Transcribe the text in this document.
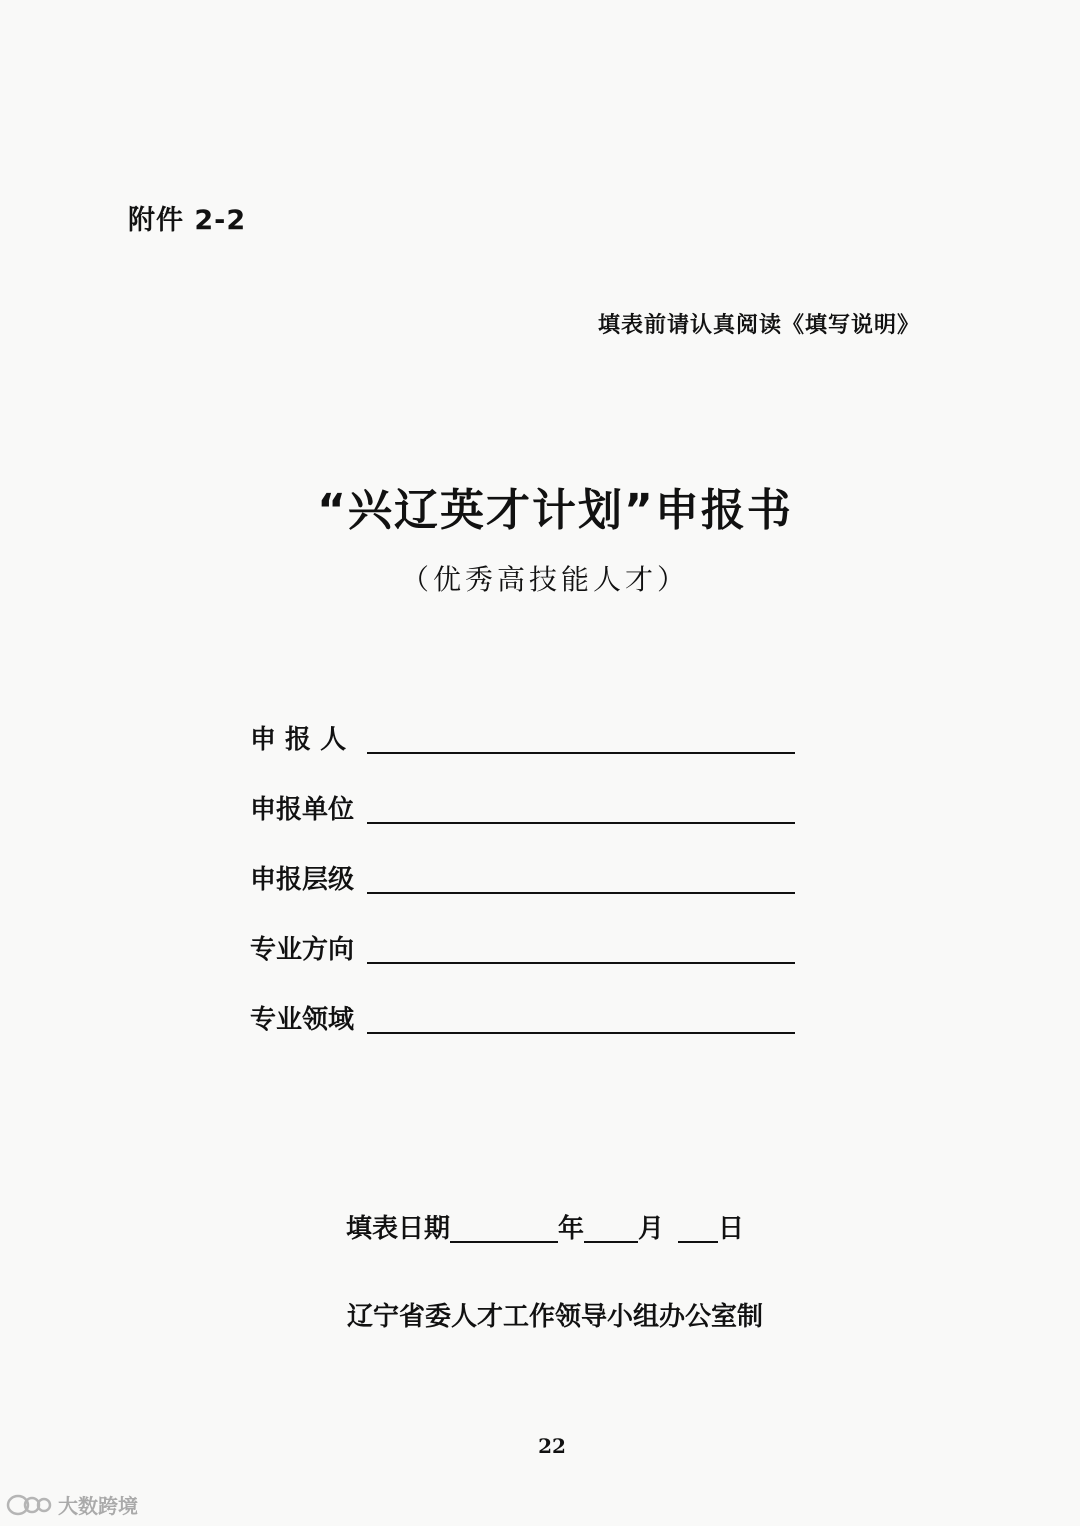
附件 2-2
填表前请认真阅读《填写说明》
“兴辽英才计划”申报书
（优秀高技能人才）
申 报 人
申报单位
申报层级
专业方向
专业领域
填表日期	年 月 日
辽宁省委人才工作领导小组办公室制
22
大数跨境
